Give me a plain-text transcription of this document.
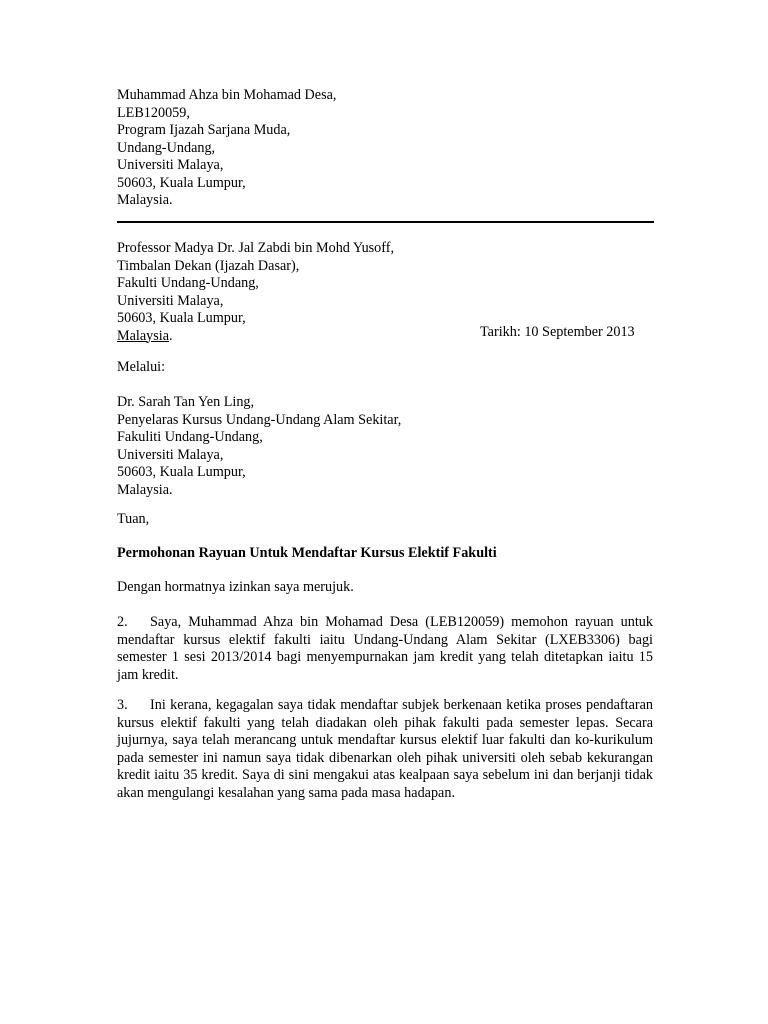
Muhammad Ahza bin Mohamad Desa,
LEB120059,
Program Ijazah Sarjana Muda,
Undang-Undang,
Universiti Malaya,
50603, Kuala Lumpur,
Malaysia.
Professor Madya Dr. Jal Zabdi bin Mohd Yusoff,
Timbalan Dekan (Ijazah Dasar),
Fakulti Undang-Undang,
Universiti Malaya,
50603, Kuala Lumpur,
Malaysia.	Tarikh: 10 September 2013
Melalui:
Dr. Sarah Tan Yen Ling,
Penyelaras Kursus Undang-Undang Alam Sekitar,
Fakuliti Undang-Undang,
Universiti Malaya,
50603, Kuala Lumpur,
Malaysia.
Tuan,
Permohonan Rayuan Untuk Mendaftar Kursus Elektif Fakulti
Dengan hormatnya izinkan saya merujuk.
2. Saya, Muhammad Ahza bin Mohamad Desa (LEB120059) memohon rayuan untuk mendaftar kursus elektif fakulti iaitu Undang-Undang Alam Sekitar (LXEB3306) bagi semester 1 sesi 2013/2014 bagi menyempurnakan jam kredit yang telah ditetapkan iaitu 15 jam kredit.
3. Ini kerana, kegagalan saya tidak mendaftar subjek berkenaan ketika proses pendaftaran kursus elektif fakulti yang telah diadakan oleh pihak fakulti pada semester lepas. Secara jujurnya, saya telah merancang untuk mendaftar kursus elektif luar fakulti dan ko-kurikulum pada semester ini namun saya tidak dibenarkan oleh pihak universiti oleh sebab kekurangan kredit iaitu 35 kredit. Saya di sini mengakui atas kealpaan saya sebelum ini dan berjanji tidak akan mengulangi kesalahan yang sama pada masa hadapan.
